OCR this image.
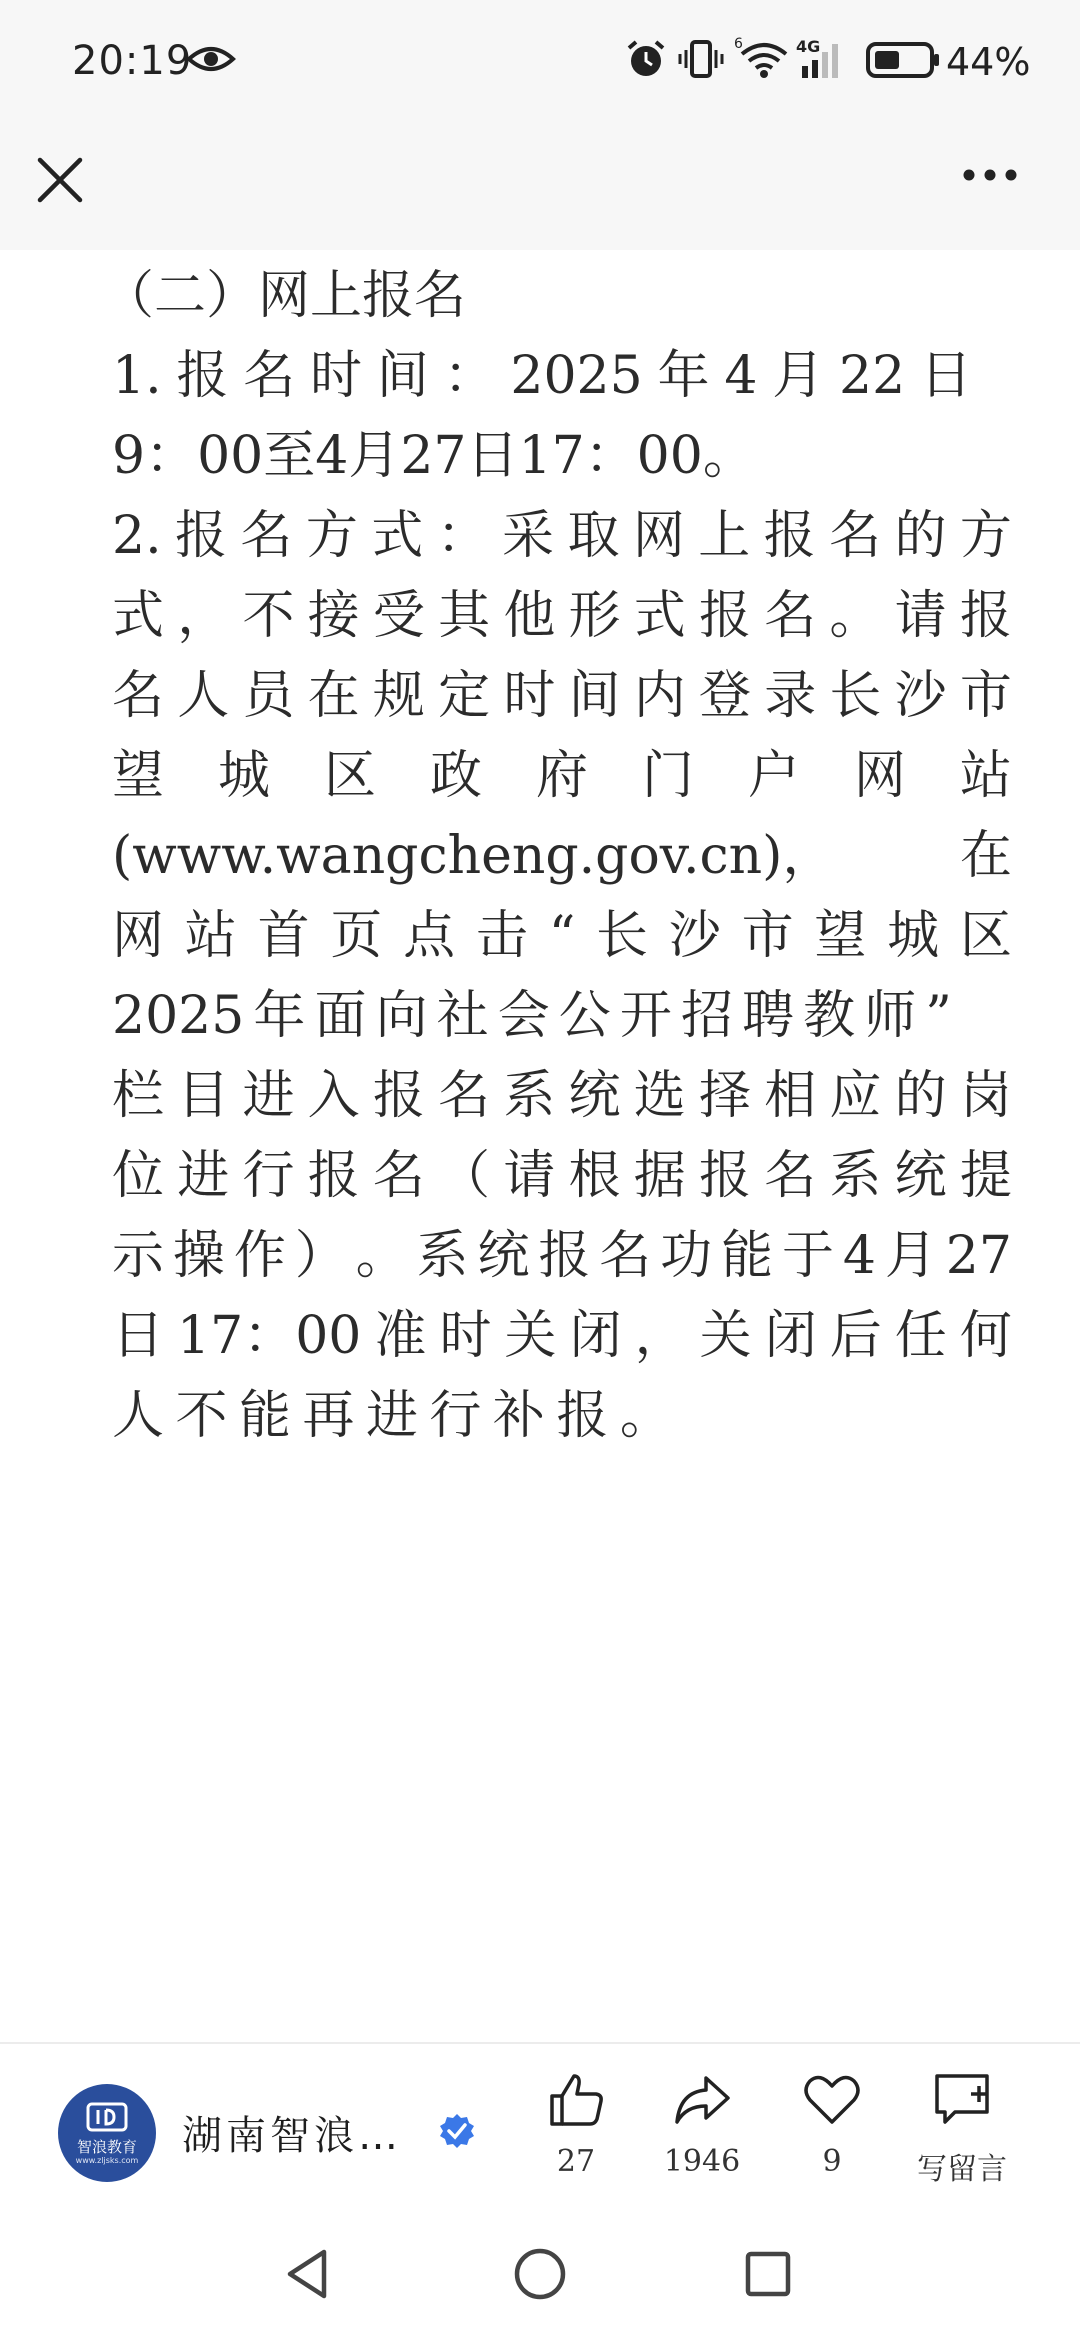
20:19	6	4G	44%
（二）网上报名
1. 报 名 时 间 ： 2025 年 4 月 22 日
9：00至4月27日17：00。
2. 报 名 方 式 ： 采 取 网 上 报 名 的 方
式 ， 不 接 受 其 他 形 式 报 名 。 请 报
名 人 员 在 规 定 时 间 内 登 录 长 沙 市
望 城 区 政 府 门 户 网 站
(www.wangcheng.gov.cn)， 在
网 站 首 页 点 击 “ 长 沙 市 望 城 区
2025 年 面 向 社 会 公 开 招 聘 教 师 ”
栏 目 进 入 报 名 系 统 选 择 相 应 的 岗
位 进 行 报 名 （ 请 根 据 报 名 系 统 提
示 操 作 ） 。 系 统 报 名 功 能 于 4 月 27
日 17：00 准 时 关 闭 ， 关 闭 后 任 何
人 不 能 再 进 行 补 报 。
智浪教育
www.zljsks.com
湖南智浪…
27	1946	9	写留言
